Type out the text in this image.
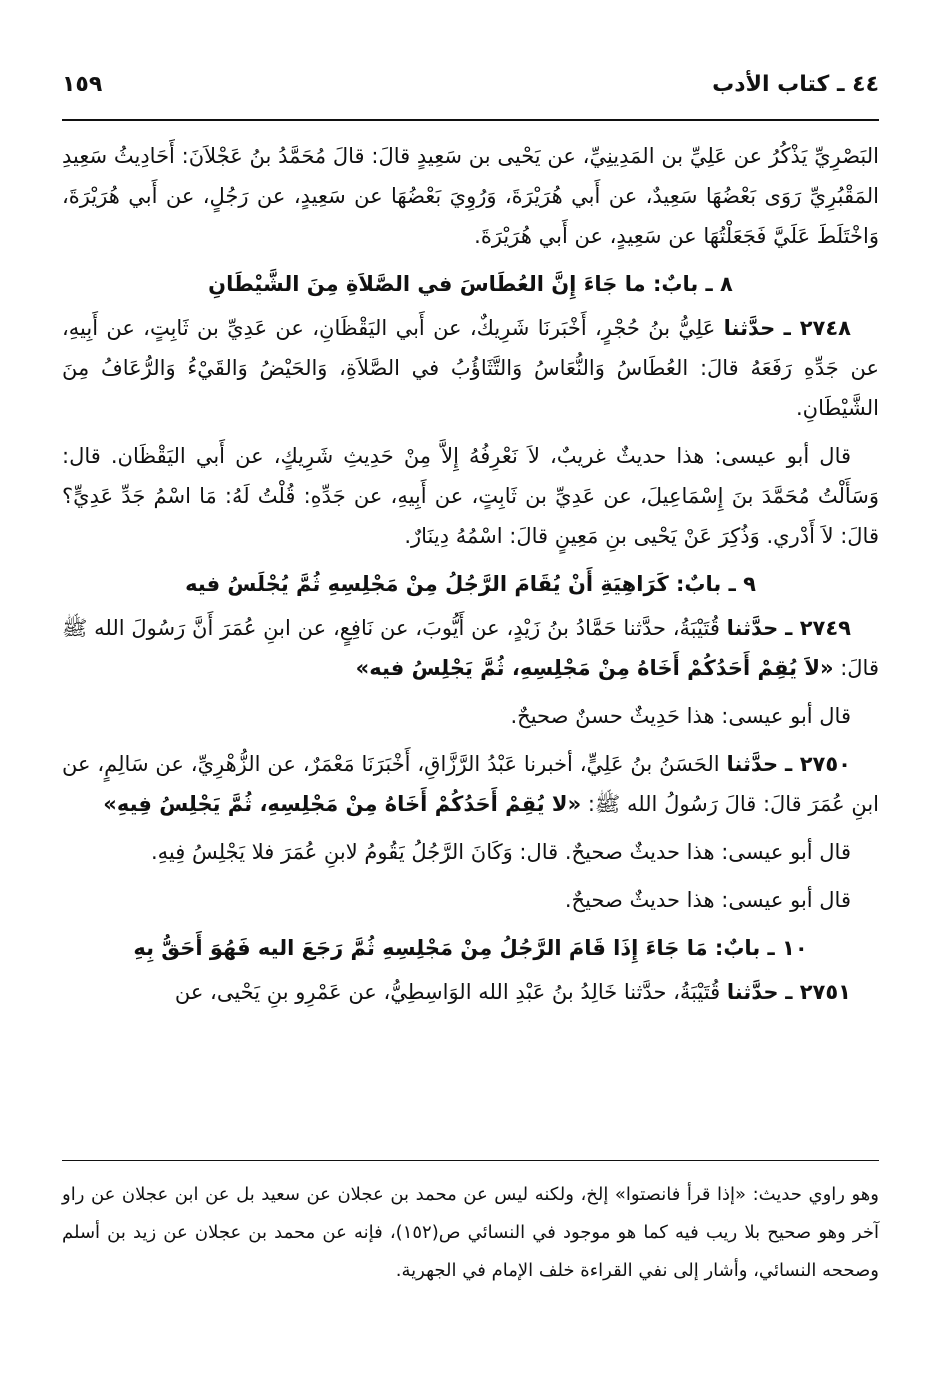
٤٤ ـ كتاب الأدب
١٥٩

البَصْرِيِّ يَذْكُرُ عن عَلِيِّ بن المَدِينِيِّ، عن يَحْيى بن سَعِيدٍ قالَ: قالَ مُحَمَّدُ بنُ عَجْلاَنَ: أَحَادِيثُ سَعِيدِ المَقْبُرِيِّ رَوَى بَعْضُهَا سَعِيدٌ، عن أَبي هُرَيْرَةَ، وَرُوِيَ بَعْضُهَا عن سَعِيدٍ، عن رَجُلٍ، عن أَبي هُرَيْرَةَ، وَاخْتَلَطَ عَلَيَّ فَجَعَلْتُهَا عن سَعِيدٍ، عن أَبي هُرَيْرَةَ.

٨ ـ بابٌ: ما جَاءَ إِنَّ العُطَاسَ في الصَّلاَةِ مِنَ الشَّيْطَانِ

٢٧٤٨ ـ حدَّثنا عَلِيُّ بنُ حُجْرٍ، أَخْبَرنَا شَرِيكٌ، عن أَبي اليَقْظَانِ، عن عَدِيِّ بن ثَابِتٍ، عن أَبِيهِ، عن جَدِّهِ رَفَعَهُ قالَ: العُطَاسُ وَالنُّعَاسُ وَالتَّثَاؤُبُ في الصَّلاَةِ، وَالحَيْضُ وَالقَيْءُ وَالرُّعَافُ مِنَ الشَّيْطَانِ.

قال أبو عيسى: هذا حديثٌ غريبٌ، لاَ نَعْرِفُهُ إِلاَّ مِنْ حَدِيثِ شَرِيكٍ، عن أَبي اليَقْظَان. قال: وَسَأَلْتُ مُحَمَّدَ بنَ إِسْمَاعِيلَ، عن عَدِيِّ بن ثَابِتٍ، عن أَبِيهِ، عن جَدِّهِ: قُلْتُ لَهُ: مَا اسْمُ جَدِّ عَدِيٍّ؟ قالَ: لاَ أَدْري. وَذُكِرَ عَنْ يَحْيى بنِ مَعِينٍ قالَ: اسْمُهُ دِينَارٌ.

٩ ـ بابٌ: كَرَاهِيَةِ أَنْ يُقَامَ الرَّجُلُ مِنْ مَجْلِسِهِ ثُمَّ يُجْلَسُ فيه

٢٧٤٩ ـ حدَّثنا قُتَيْبَةُ، حدَّثنا حَمَّادُ بنُ زَيْدٍ، عن أَيُّوبَ، عن نَافِعٍ، عن ابنِ عُمَرَ أَنَّ رَسُولَ الله ﷺ قالَ: «لاَ يُقِمْ أَحَدُكُمْ أَخَاهُ مِنْ مَجْلِسِهِ، ثُمَّ يَجْلِسُ فيه»

قال أبو عيسى: هذا حَدِيثٌ حسنٌ صحيحٌ.

٢٧٥٠ ـ حدَّثنا الحَسَنُ بنُ عَلِيٍّ، أخبرنا عَبْدُ الرَّزَّاقِ، أَخْبَرَنَا مَعْمَرٌ، عن الزُّهْرِيِّ، عن سَالِمٍ، عن ابنِ عُمَرَ قالَ: قالَ رَسُولُ الله ﷺ: «لا يُقِمْ أَحَدُكُمْ أَخَاهُ مِنْ مَجْلِسِهِ، ثُمَّ يَجْلِسُ فِيهِ»

قال أبو عيسى: هذا حديثٌ صحيحٌ. قال: وَكَانَ الرَّجُلُ يَقُومُ لابنِ عُمَرَ فلا يَجْلِسُ فِيهِ.

قال أبو عيسى: هذا حديثٌ صحيحٌ.

١٠ ـ بابٌ: مَا جَاءَ إِذَا قَامَ الرَّجُلُ مِنْ مَجْلِسِهِ ثُمَّ رَجَعَ اليه فَهُوَ أَحَقُّ بِهِ

٢٧٥١ ـ حدَّثنا قُتَيْبَةُ، حدَّثنا خَالِدُ بنُ عَبْدِ الله الوَاسِطِيُّ، عن عَمْرِو بنِ يَحْيى، عن

وهو راوي حديث: «إذا قرأ فانصتوا» إلخ، ولكنه ليس عن محمد بن عجلان عن سعيد بل عن ابن عجلان عن راو آخر وهو صحيح بلا ريب فيه كما هو موجود في النسائي ص(١٥٢)، فإنه عن محمد بن عجلان عن زيد بن أسلم وصححه النسائي، وأشار إلى نفي القراءة خلف الإمام في الجهرية.
